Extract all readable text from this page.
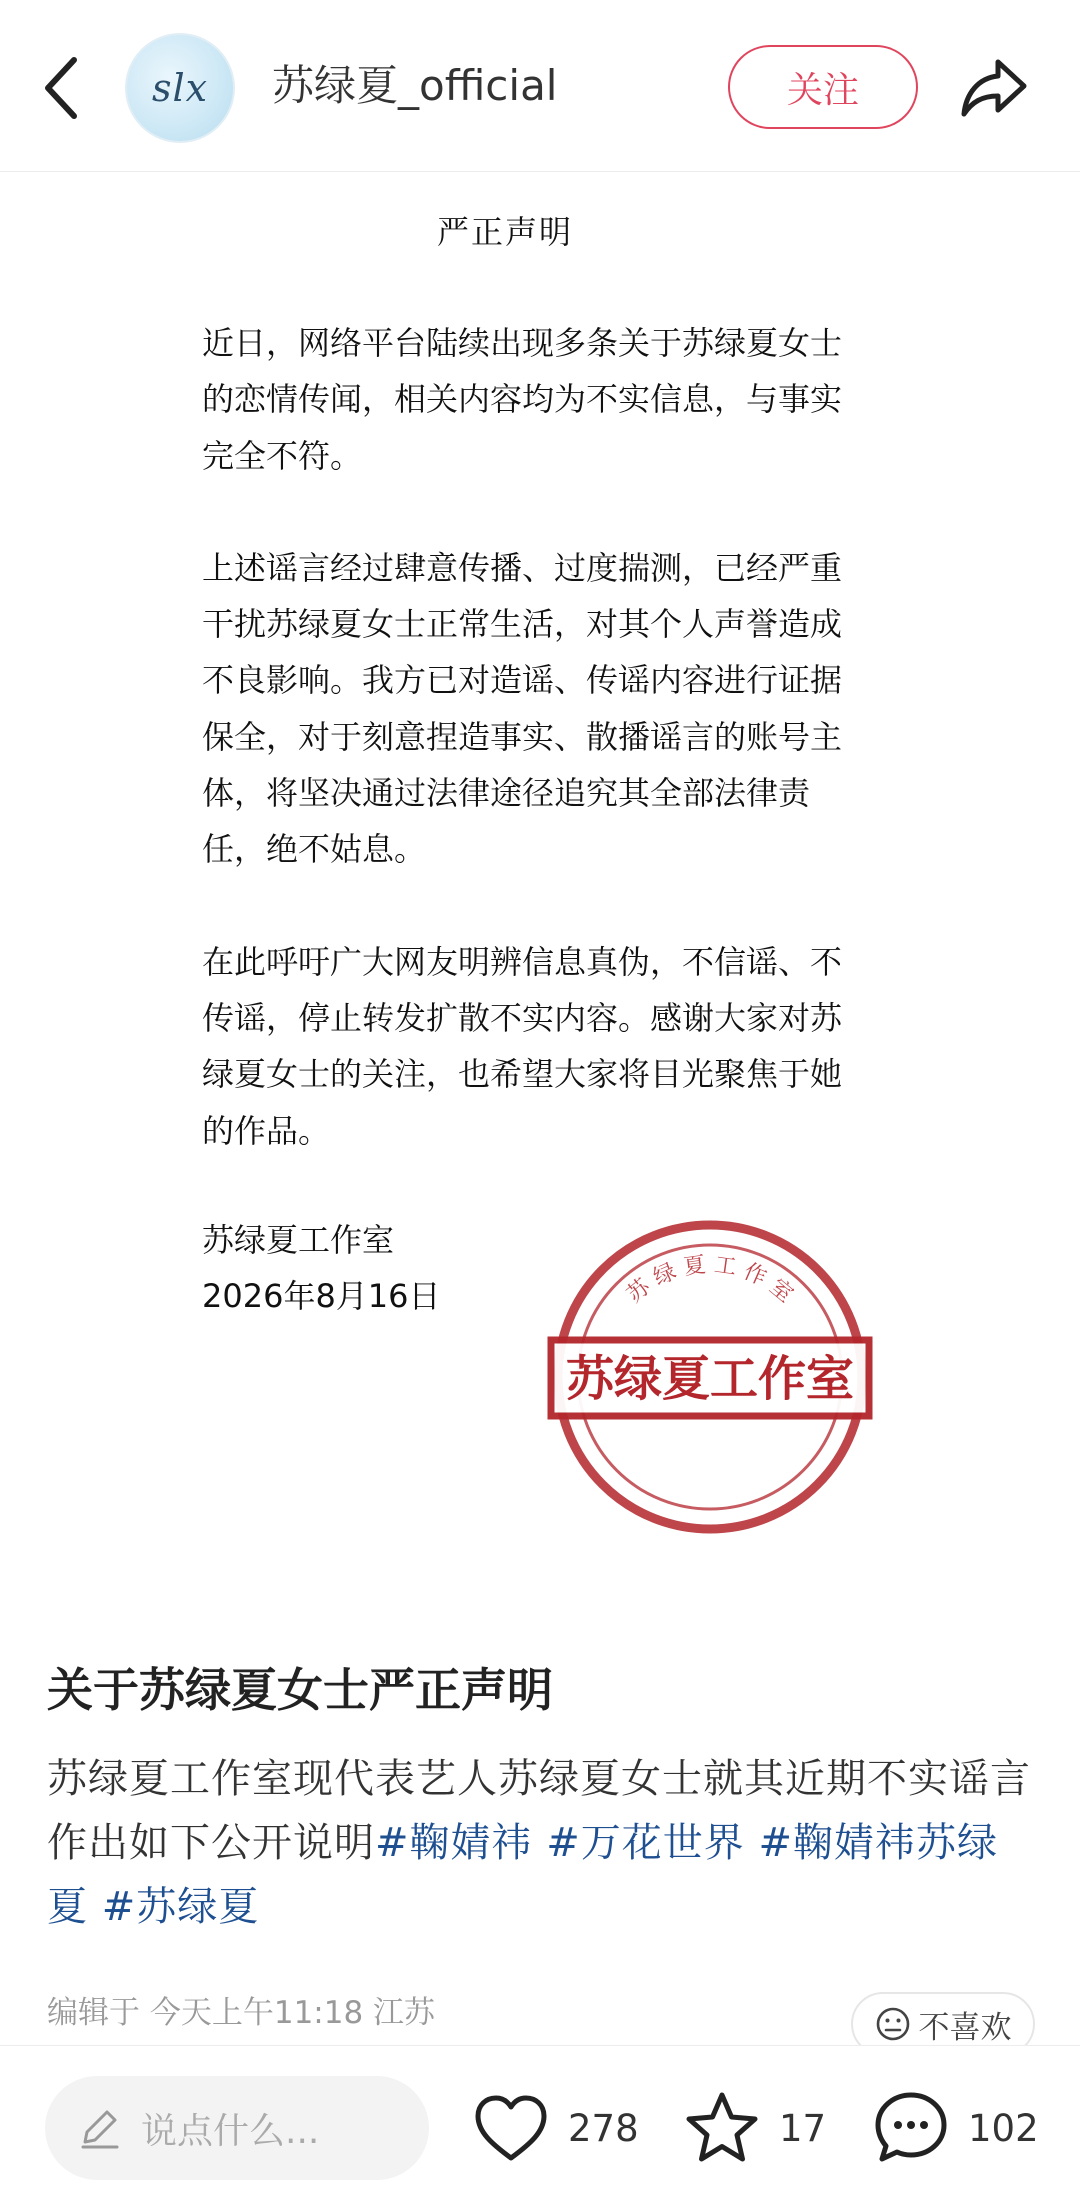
slx	苏绿夏_official	关注
严正声明

近日，网络平台陆续出现多条关于苏绿夏女士的恋情传闻，相关内容均为不实信息，与事实完全不符。

上述谣言经过肆意传播、过度揣测，已经严重干扰苏绿夏女士正常生活，对其个人声誉造成不良影响。我方已对造谣、传谣内容进行证据保全，对于刻意捏造事实、散播谣言的账号主体，将坚决通过法律途径追究其全部法律责任，绝不姑息。

在此呼吁广大网友明辨信息真伪，不信谣、不传谣，停止转发扩散不实内容。感谢大家对苏绿夏女士的关注，也希望大家将目光聚焦于她的作品。

苏绿夏工作室
2026年8月16日	苏 绿 夏 工 作 室
苏绿夏工作室
关于苏绿夏女士严正声明
苏绿夏工作室现代表艺人苏绿夏女士就其近期不实谣言作出如下公开说明#鞠婧祎 #万花世界 #鞠婧祎苏绿夏 #苏绿夏
编辑于 今天上午11:18 江苏	不喜欢
说点什么...	278	17	102
